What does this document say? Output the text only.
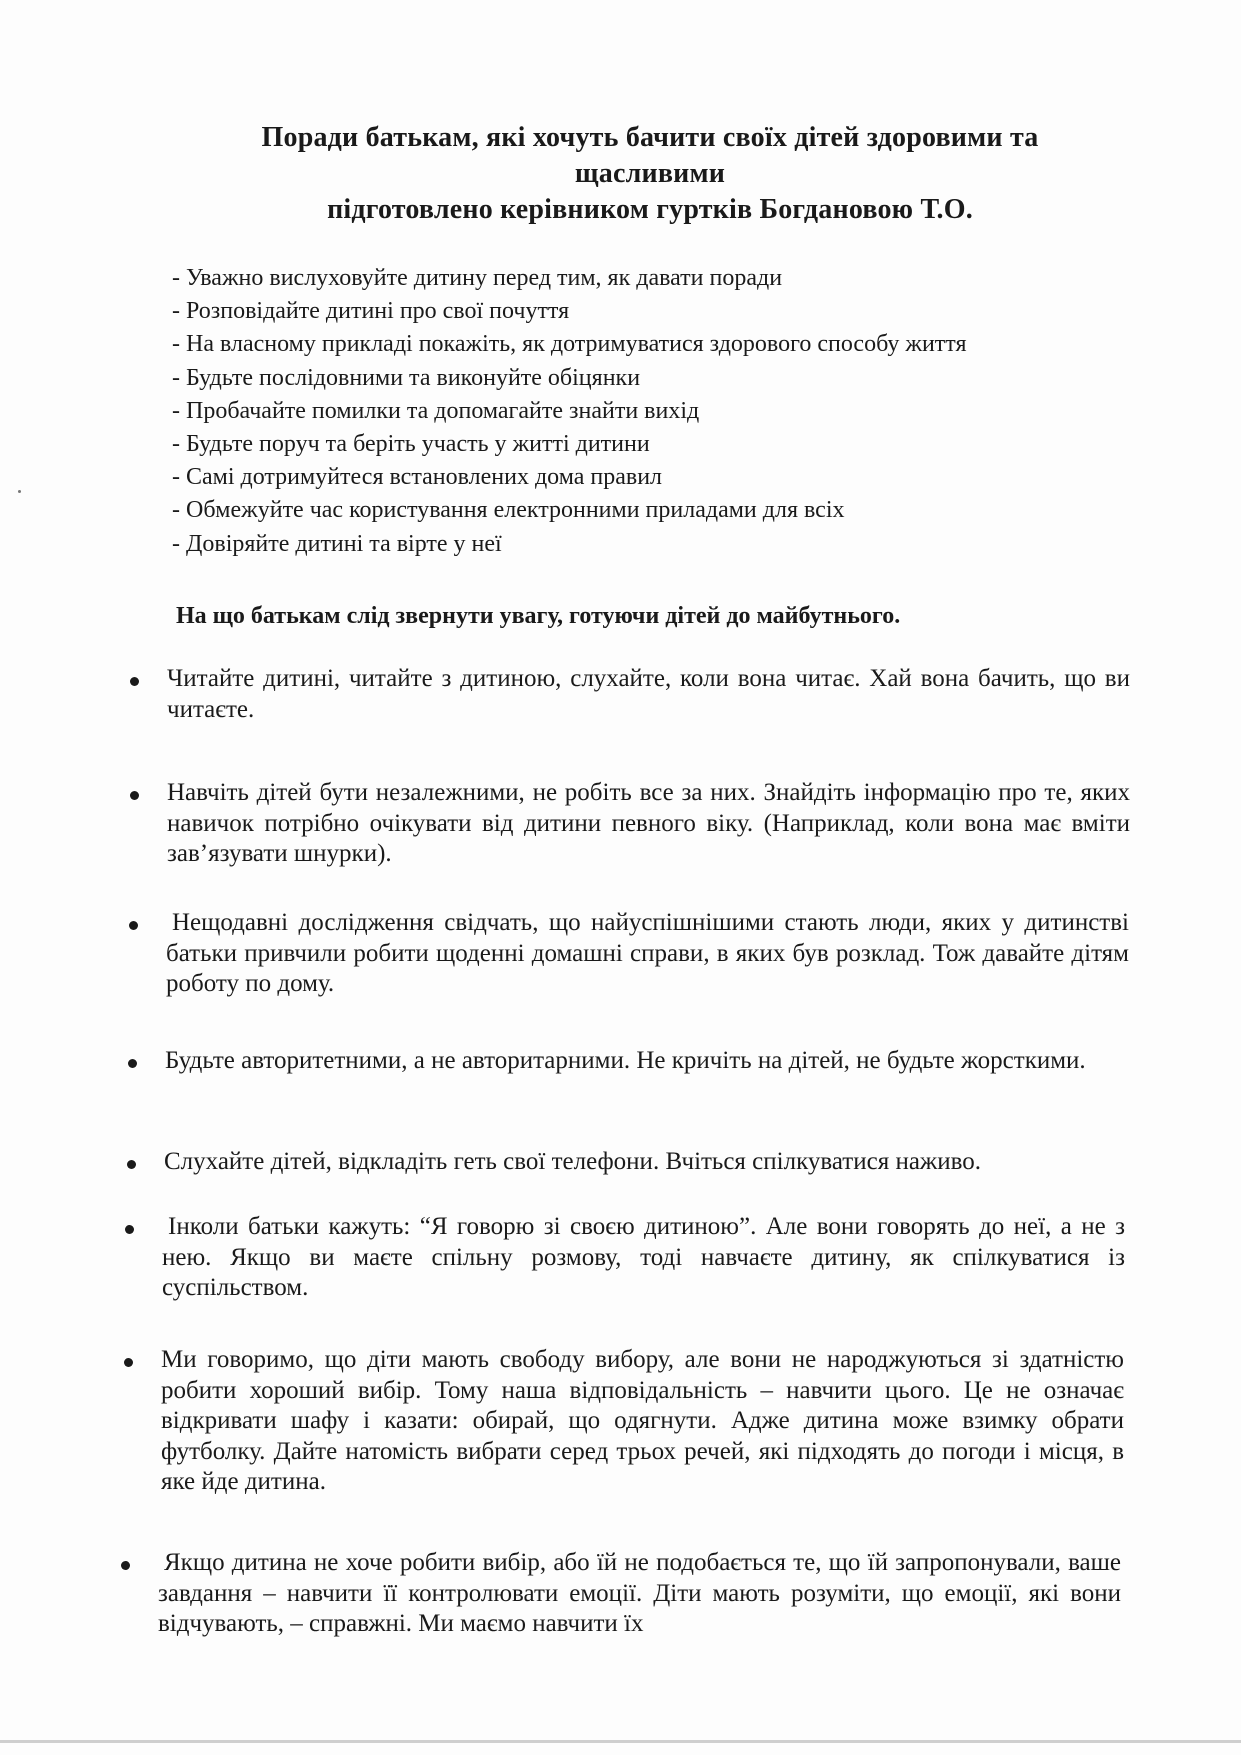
Поради батькам, які хочуть бачити своїх дітей здоровими та
щасливими
підготовлено керівником гуртків Богдановою Т.О.
- Уважно вислуховуйте дитину перед тим, як давати поради
- Розповідайте дитині про свої почуття
- На власному прикладі покажіть, як дотримуватися здорового способу життя
- Будьте послідовними та виконуйте обіцянки
- Пробачайте помилки та допомагайте знайти вихід
- Будьте поруч та беріть участь у житті дитини
- Самі дотримуйтеся встановлених дома правил
- Обмежуйте час користування електронними приладами для всіх
- Довіряйте дитині та вірте у неї
На що батькам слід звернути увагу, готуючи дітей до майбутнього.
Читайте дитині, читайте з дитиною, слухайте, коли вона читає. Хай вона бачить, що ви читаєте.
Навчіть дітей бути незалежними, не робіть все за них. Знайдіть інформацію про те, яких навичок потрібно очікувати від дитини певного віку. (Наприклад, коли вона має вміти зав’язувати шнурки).
Нещодавні дослідження свідчать, що найуспішнішими стають люди, яких у дитинстві батьки привчили робити щоденні домашні справи, в яких був розклад. Тож давайте дітям роботу по дому.
Будьте авторитетними, а не авторитарними. Не кричіть на дітей, не будьте жорсткими.
Слухайте дітей, відкладіть геть свої телефони. Вчіться спілкуватися наживо.
Інколи батьки кажуть: “Я говорю зі своєю дитиною”. Але вони говорять до неї, а не з нею. Якщо ви маєте спільну розмову, тоді навчаєте дитину, як спілкуватися із суспільством.
Ми говоримо, що діти мають свободу вибору, але вони не народжуються зі здатністю робити хороший вибір. Тому наша відповідальність – навчити цього. Це не означає відкривати шафу і казати: обирай, що одягнути. Адже дитина може взимку обрати футболку. Дайте натомість вибрати серед трьох речей, які підходять до погоди і місця, в яке йде дитина.
Якщо дитина не хоче робити вибір, або їй не подобається те, що їй запропонували, ваше завдання – навчити її контролювати емоції. Діти мають розуміти, що емоції, які вони відчувають, – справжні. Ми маємо навчити їх
